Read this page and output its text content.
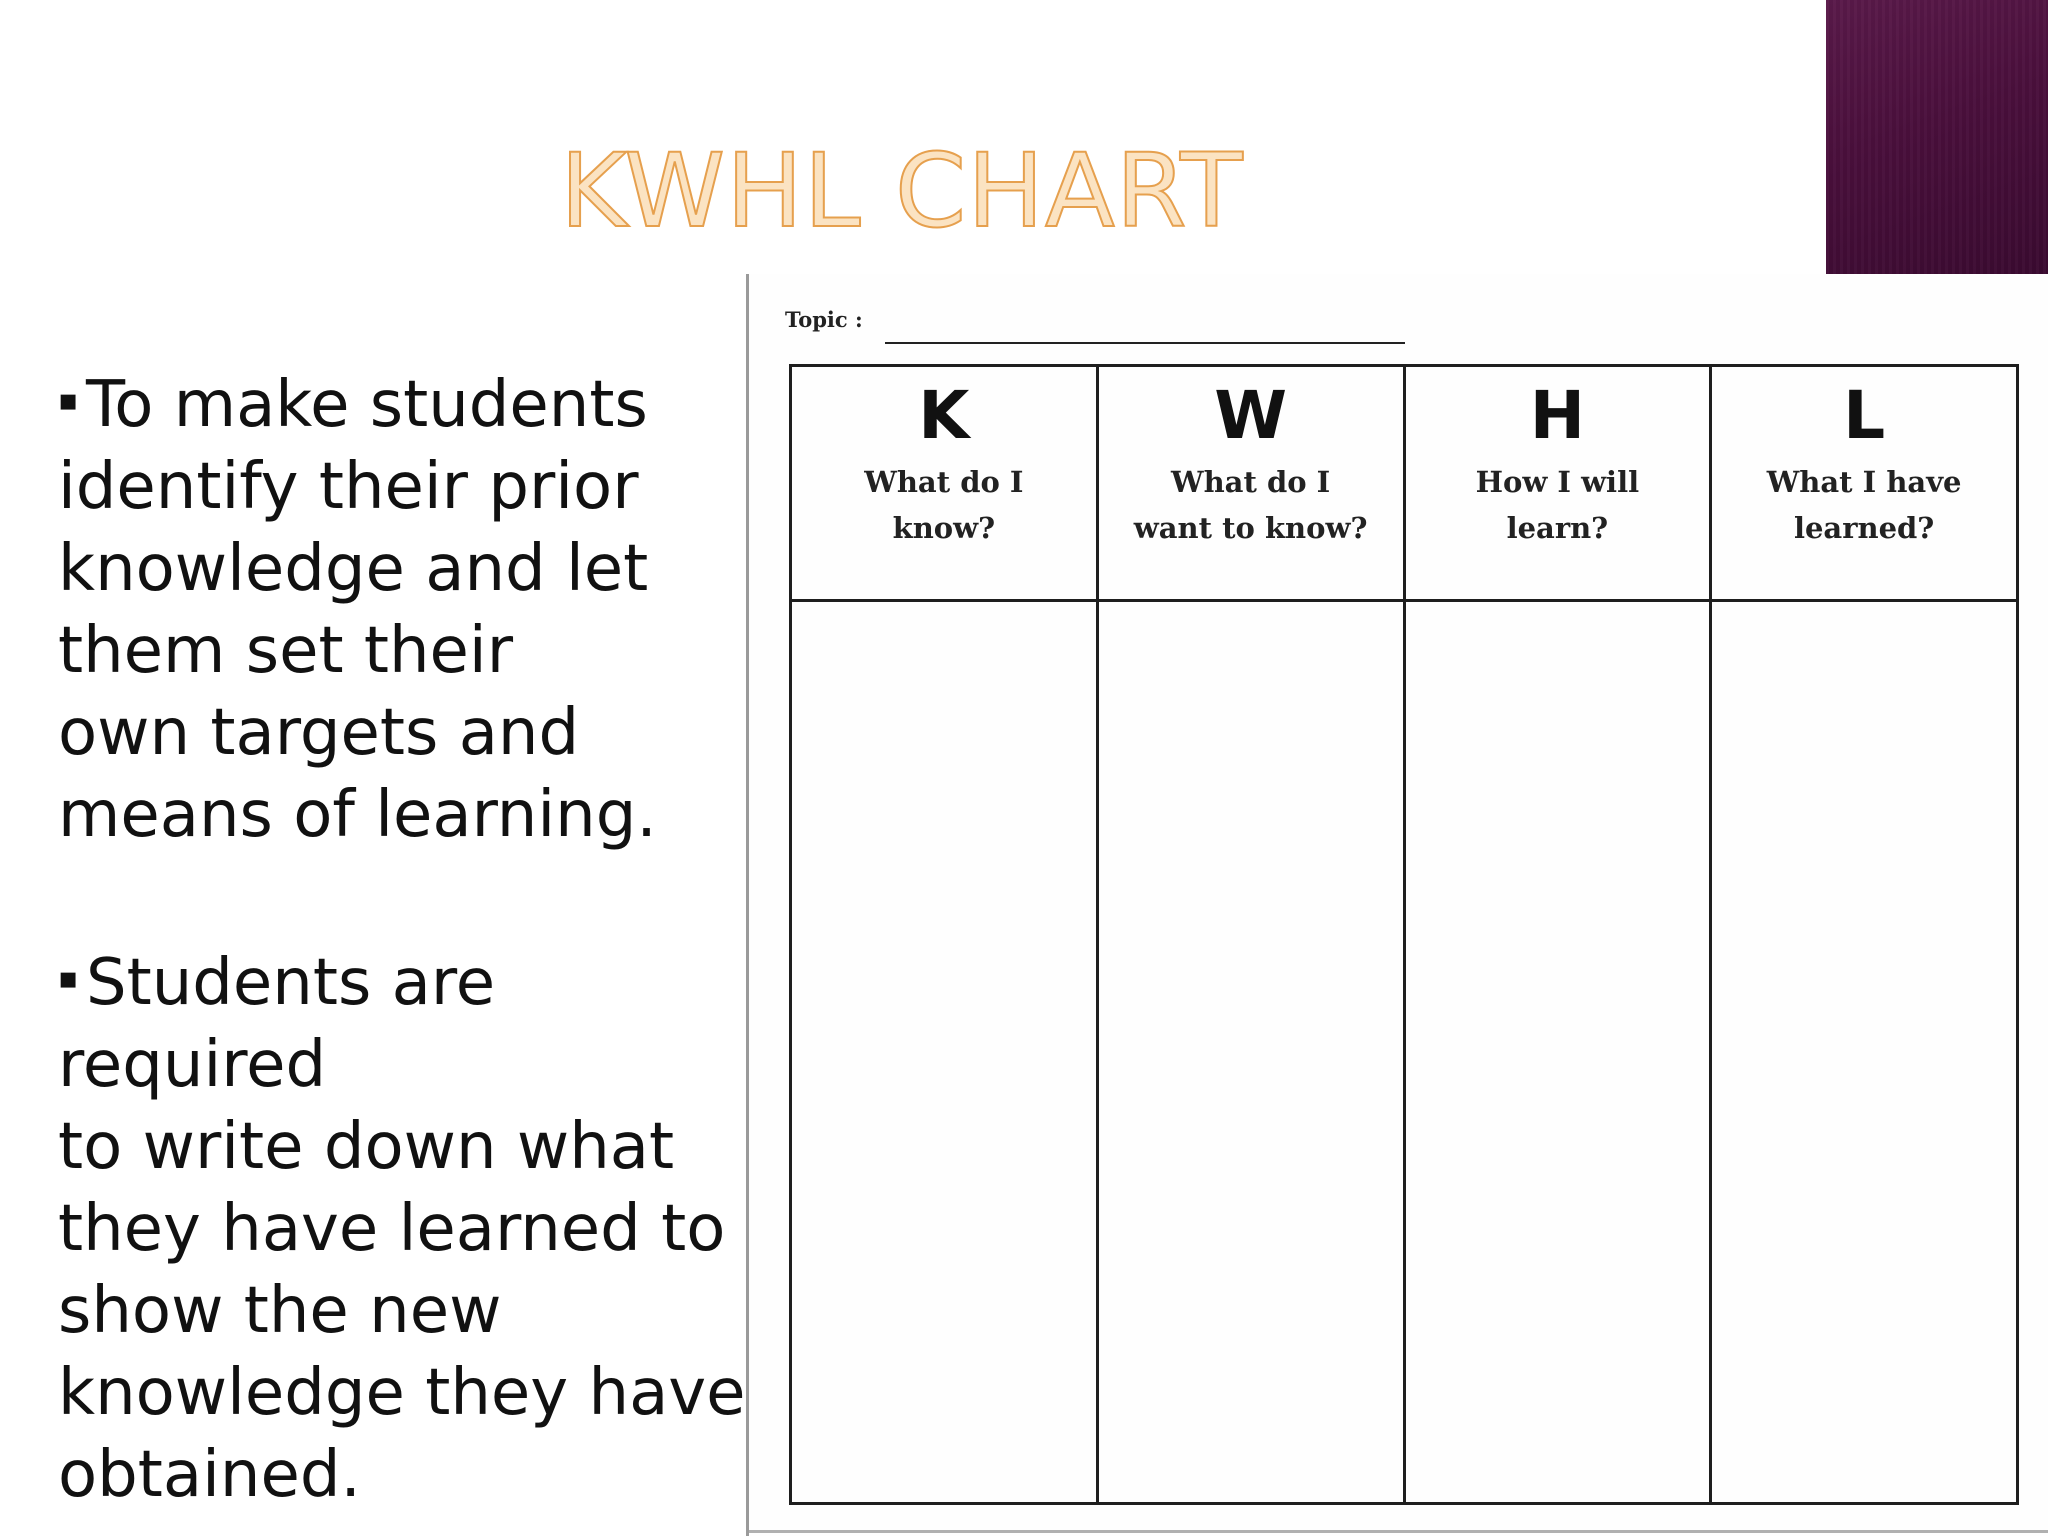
KWHL CHART

▪ To make students
identify their prior
knowledge and let
them set their
own targets and
means of learning.

▪ Students are required
to write down what
they have learned to
show the new
knowledge they have
obtained.

Topic :
K
What do I
know?	W
What do I
want to know?	H
How I will
learn?	L
What I have
learned?
